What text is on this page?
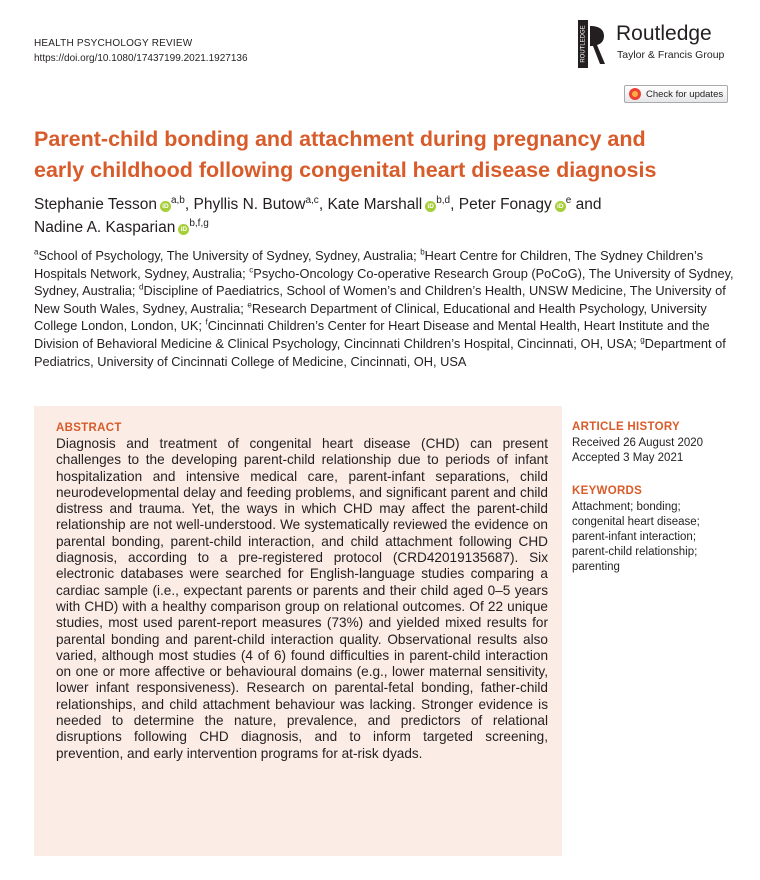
HEALTH PSYCHOLOGY REVIEW
https://doi.org/10.1080/17437199.2021.1927136	ROUTLEDGE Routledge
Taylor & Francis Group
Check for updates
Parent-child bonding and attachment during pregnancy and
early childhood following congenital heart disease diagnosis
Stephanie Tesson iD$^{a,b}$, Phyllis N. Butow$^{a,c}$, Kate Marshall iD$^{b,d}$, Peter Fonagy iD$^e$ and
Nadine A. Kasparian iD$^{b,f,g}$
$^a$School of Psychology, The University of Sydney, Sydney, Australia; $^b$Heart Centre for Children, The Sydney Children’s Hospitals Network, Sydney, Australia; $^c$Psycho-Oncology Co-operative Research Group (PoCoG), The University of Sydney, Sydney, Australia; $^d$Discipline of Paediatrics, School of Women’s and Children’s Health, UNSW Medicine, The University of New South Wales, Sydney, Australia; $^e$Research Department of Clinical, Educational and Health Psychology, University College London, London, UK; $^f$Cincinnati Children’s Center for Heart Disease and Mental Health, Heart Institute and the Division of Behavioral Medicine & Clinical Psychology, Cincinnati Children’s Hospital, Cincinnati, OH, USA; $^g$Department of Pediatrics, University of Cincinnati College of Medicine, Cincinnati, OH, USA
ABSTRACT

Diagnosis and treatment of congenital heart disease (CHD) can present challenges to the developing parent-child relationship due to periods of infant hospitalization and intensive medical care, parent-infant separations, child neurodevelopmental delay and feeding problems, and significant parent and child distress and trauma. Yet, the ways in which CHD may affect the parent-child relationship are not well-understood. We systematically reviewed the evidence on parental bonding, parent-child interaction, and child attachment following CHD diagnosis, according to a pre-registered protocol (CRD42019135687). Six electronic databases were searched for English-language studies comparing a cardiac sample (i.e., expectant parents or parents and their child aged 0–5 years with CHD) with a healthy comparison group on relational outcomes. Of 22 unique studies, most used parent-report measures (73%) and yielded mixed results for parental bonding and parent-child interaction quality. Observational results also varied, although most studies (4 of 6) found difficulties in parent-child interaction on one or more affective or behavioural domains (e.g., lower maternal sensitivity, lower infant responsiveness). Research on parental-fetal bonding, father-child relationships, and child attachment behaviour was lacking. Stronger evidence is needed to determine the nature, prevalence, and predictors of relational disruptions following CHD diagnosis, and to inform targeted screening, prevention, and early intervention programs for at-risk dyads.

ARTICLE HISTORY
Received 26 August 2020
Accepted 3 May 2021
KEYWORDS
Attachment; bonding;
congenital heart disease;
parent-infant interaction;
parent-child relationship;
parenting
